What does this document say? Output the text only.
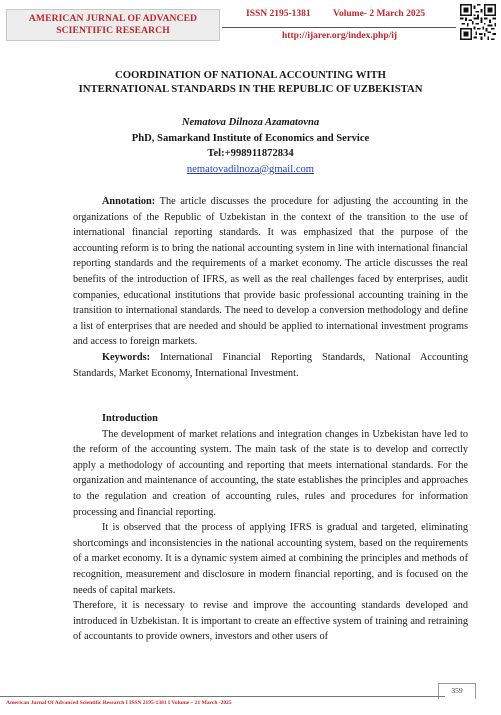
AMERICAN JURNAL OF ADVANCED
SCIENTIFIC RESEARCH
ISSN 2195-1381 Volume- 2 March 2025
http://ijarer.org/index.php/ij
COORDINATION OF NATIONAL ACCOUNTING WITH
INTERNATIONAL STANDARDS IN THE REPUBLIC OF UZBEKISTAN
Nematova Dilnoza Azamatovna
PhD, Samarkand Institute of Economics and Service
Tel:+998911872834
nematovadilnoza@gmail.com

Annotation: The article discusses the procedure for adjusting the accounting in the organizations of the Republic of Uzbekistan in the context of the transition to the use of international financial reporting standards. It was emphasized that the purpose of the accounting reform is to bring the national accounting system in line with international financial reporting standards and the requirements of a market economy. The article discusses the real benefits of the introduction of IFRS, as well as the real challenges faced by enterprises, audit companies, educational institutions that provide basic professional accounting training in the transition to international standards. The need to develop a conversion methodology and define a list of enterprises that are needed and should be applied to international investment programs and access to foreign markets.

Keywords: International Financial Reporting Standards, National Accounting Standards, Market Economy, International Investment.

Introduction

The development of market relations and integration changes in Uzbekistan have led to the reform of the accounting system. The main task of the state is to develop and correctly apply a methodology of accounting and reporting that meets international standards. For the organization and maintenance of accounting, the state establishes the principles and approaches to the regulation and creation of accounting rules, rules and procedures for information processing and financial reporting.

It is observed that the process of applying IFRS is gradual and targeted, eliminating shortcomings and inconsistencies in the national accounting system, based on the requirements of a market economy. It is a dynamic system aimed at combining the principles and methods of recognition, measurement and disclosure in modern financial reporting, and is focused on the needs of capital markets.

Therefore, it is necessary to revise and improve the accounting standards developed and introduced in Uzbekistan. It is important to create an effective system of training and retraining of accountants to provide owners, investors and other users of

359
American Jurnal Of Advanced Scientific Research I ISSN 2195-1381 I Volume – 21 March -2025
